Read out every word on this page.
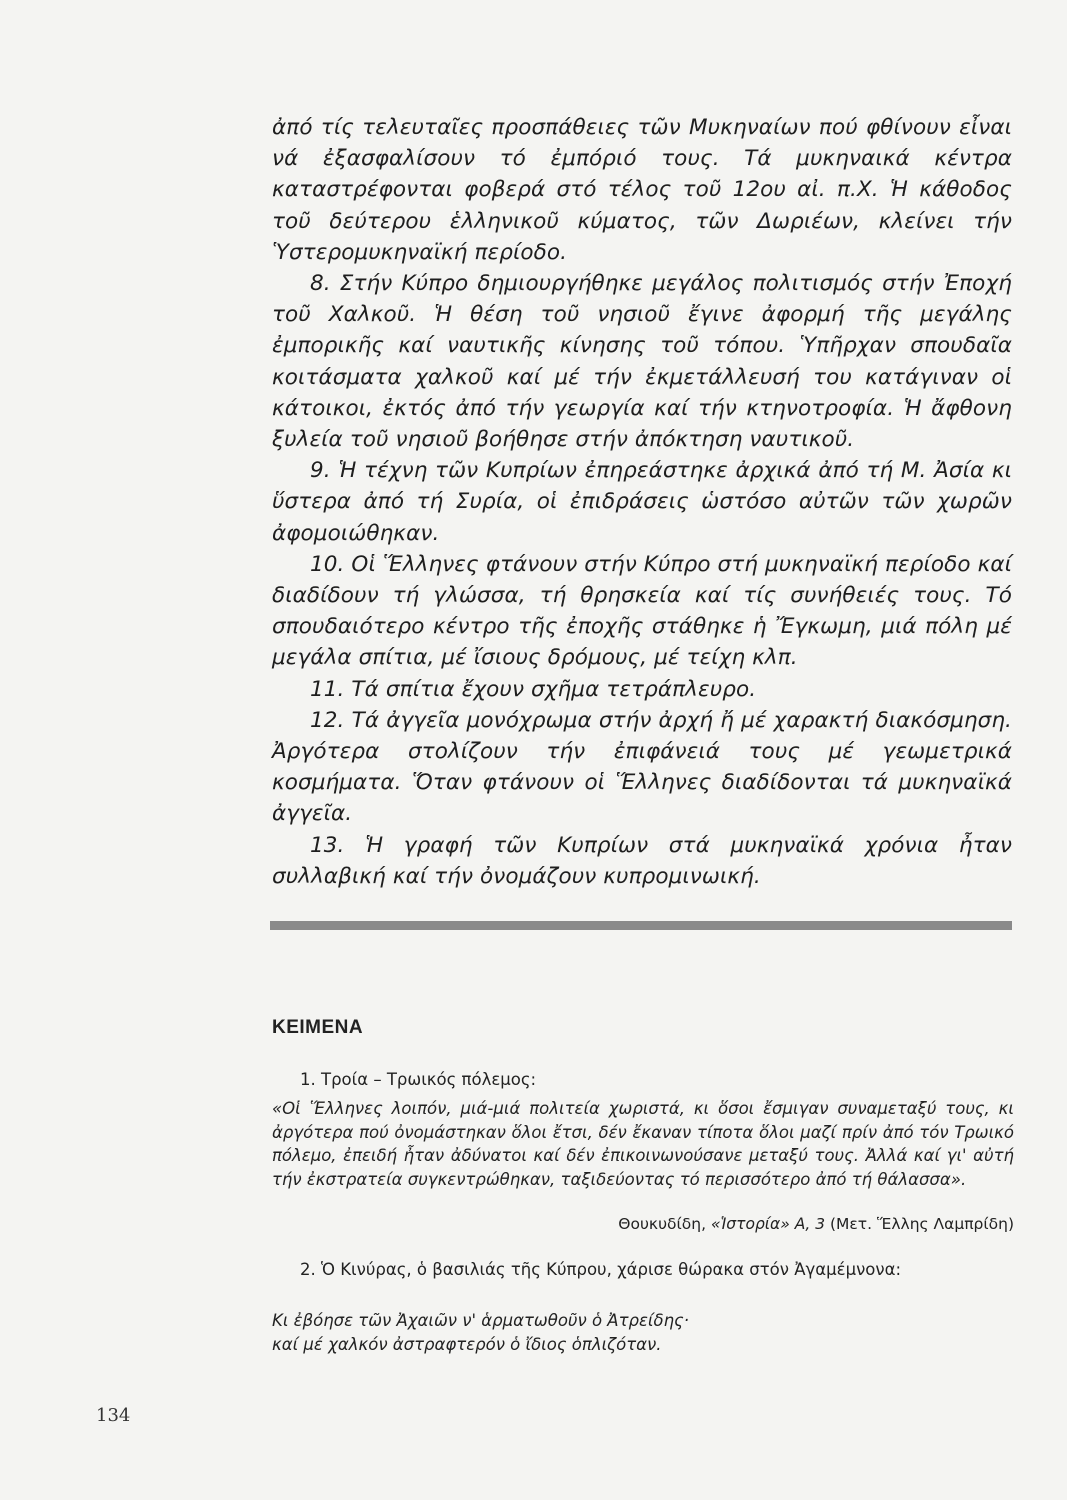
ἀπό τίς τελευταῖες προσπάθειες τῶν Μυκηναίων πού φθίνουν εἶναι νά ἐξασφαλίσουν τό ἐμπόριό τους. Τά μυκηναικά κέντρα καταστρέφονται φοβερά στό τέλος τοῦ 12ου αἰ. π.Χ. Ἡ κάθοδος τοῦ δεύτερου ἑλληνικοῦ κύματος, τῶν Δωριέων, κλείνει τήν Ὑστερομυκηναϊκή περίοδο.

8. Στήν Κύπρο δημιουργήθηκε μεγάλος πολιτισμός στήν Ἐποχή τοῦ Χαλκοῦ. Ἡ θέση τοῦ νησιοῦ ἔγινε ἀφορμή τῆς μεγάλης ἐμπορικῆς καί ναυτικῆς κίνησης τοῦ τόπου. Ὑπῆρχαν σπουδαῖα κοιτάσματα χαλκοῦ καί μέ τήν ἐκμετάλλευσή του κατάγιναν οἱ κάτοικοι, ἐκτός ἀπό τήν γεωργία καί τήν κτηνοτροφία. Ἡ ἄφθονη ξυλεία τοῦ νησιοῦ βοήθησε στήν ἀπόκτηση ναυτικοῦ.

9. Ἡ τέχνη τῶν Κυπρίων ἐπηρεάστηκε ἀρχικά ἀπό τή Μ. Ἀσία κι ὕστερα ἀπό τή Συρία, οἱ ἐπιδράσεις ὡστόσο αὐτῶν τῶν χωρῶν ἀφομοιώθηκαν.

10. Οἱ Ἕλληνες φτάνουν στήν Κύπρο στή μυκηναϊκή περίοδο καί διαδίδουν τή γλώσσα, τή θρησκεία καί τίς συνήθειές τους. Τό σπουδαιότερο κέντρο τῆς ἐποχῆς στάθηκε ἡ Ἔγκωμη, μιά πόλη μέ μεγάλα σπίτια, μέ ἴσιους δρόμους, μέ τείχη κλπ.

11. Τά σπίτια ἔχουν σχῆμα τετράπλευρο.

12. Τά ἀγγεῖα μονόχρωμα στήν ἀρχή ἤ μέ χαρακτή διακόσμηση. Ἀργότερα στολίζουν τήν ἐπιφάνειά τους μέ γεωμετρικά κοσμήματα. Ὅταν φτάνουν οἱ Ἕλληνες διαδίδονται τά μυκηναϊκά ἀγγεῖα.

13. Ἡ γραφή τῶν Κυπρίων στά μυκηναϊκά χρόνια ἦταν συλλαβική καί τήν ὀνομάζουν κυπρομινωική.

ΚΕΙΜΕΝΑ
1. Τροία – Τρωικός πόλεμος:
«Οἱ Ἕλληνες λοιπόν, μιά-μιά πολιτεία χωριστά, κι ὅσοι ἔσμιγαν συναμεταξύ τους, κι ἀργότερα πού ὀνομάστηκαν ὅλοι ἔτσι, δέν ἔκαναν τίποτα ὅλοι μαζί πρίν ἀπό τόν Τρωικό πόλεμο, ἐπειδή ἦταν ἀδύνατοι καί δέν ἐπικοινωνούσανε μεταξύ τους. Ἀλλά καί γι' αὐτή τήν ἐκστρατεία συγκεντρώθηκαν, ταξιδεύοντας τό περισσότερο ἀπό τή θάλασσα».
Θουκυδίδη, «Ἱστορία» Α, 3 (Μετ. Ἕλλης Λαμπρίδη)
2. Ὁ Κινύρας, ὁ βασιλιάς τῆς Κύπρου, χάρισε θώρακα στόν Ἀγαμέμνονα:
Κι ἐβόησε τῶν Ἀχαιῶν ν' ἁρματωθοῦν ὁ Ἀτρείδης·
καί μέ χαλκόν ἀστραφτερόν ὁ ἴδιος ὁπλιζόταν.
134
